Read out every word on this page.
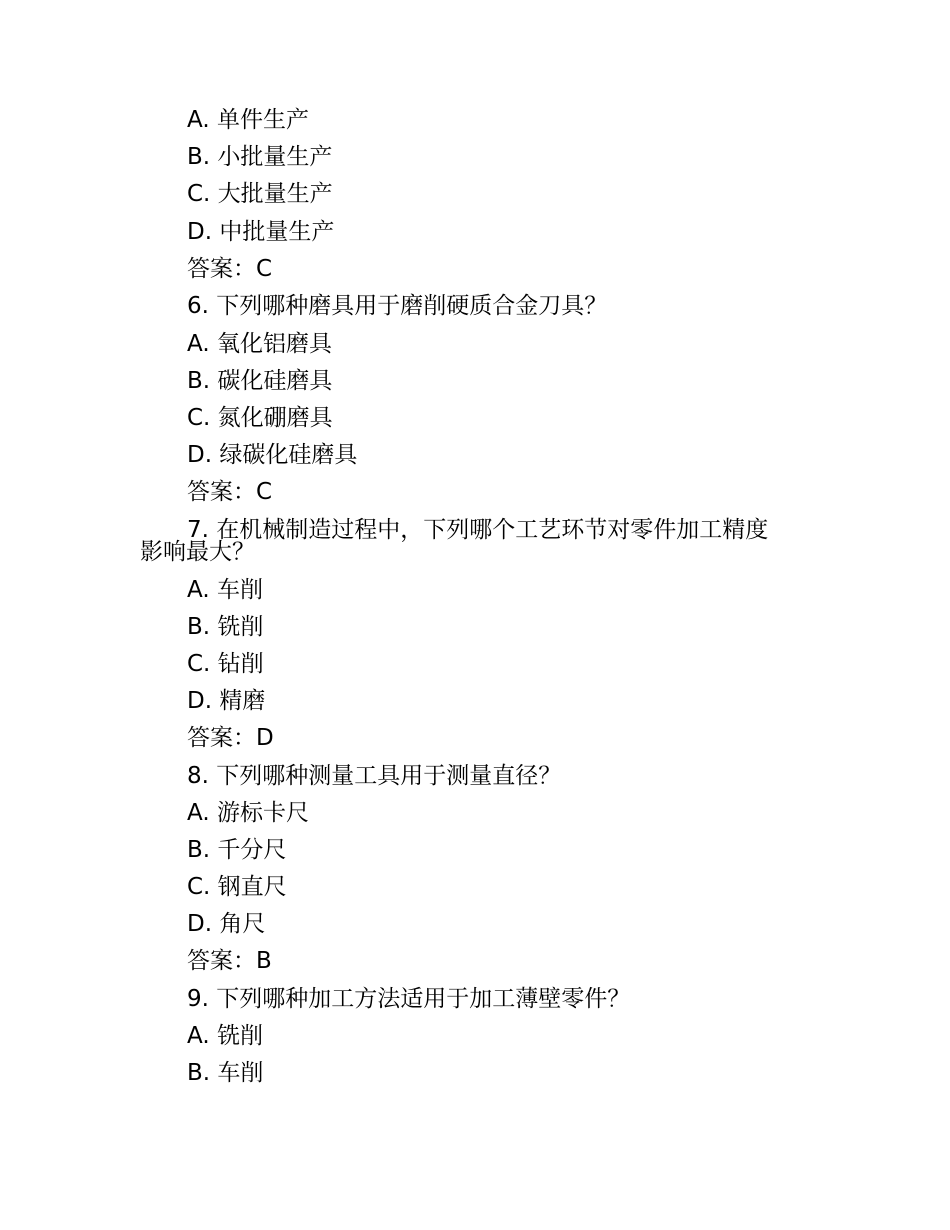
A. 单件生产
B. 小批量生产
C. 大批量生产
D. 中批量生产
答案：C
6. 下列哪种磨具用于磨削硬质合金刀具？
A. 氧化铝磨具
B. 碳化硅磨具
C. 氮化硼磨具
D. 绿碳化硅磨具
答案：C
7. 在机械制造过程中，下列哪个工艺环节对零件加工精度
影响最大？
A. 车削
B. 铣削
C. 钻削
D. 精磨
答案：D
8. 下列哪种测量工具用于测量直径？
A. 游标卡尺
B. 千分尺
C. 钢直尺
D. 角尺
答案：B
9. 下列哪种加工方法适用于加工薄壁零件？
A. 铣削
B. 车削
